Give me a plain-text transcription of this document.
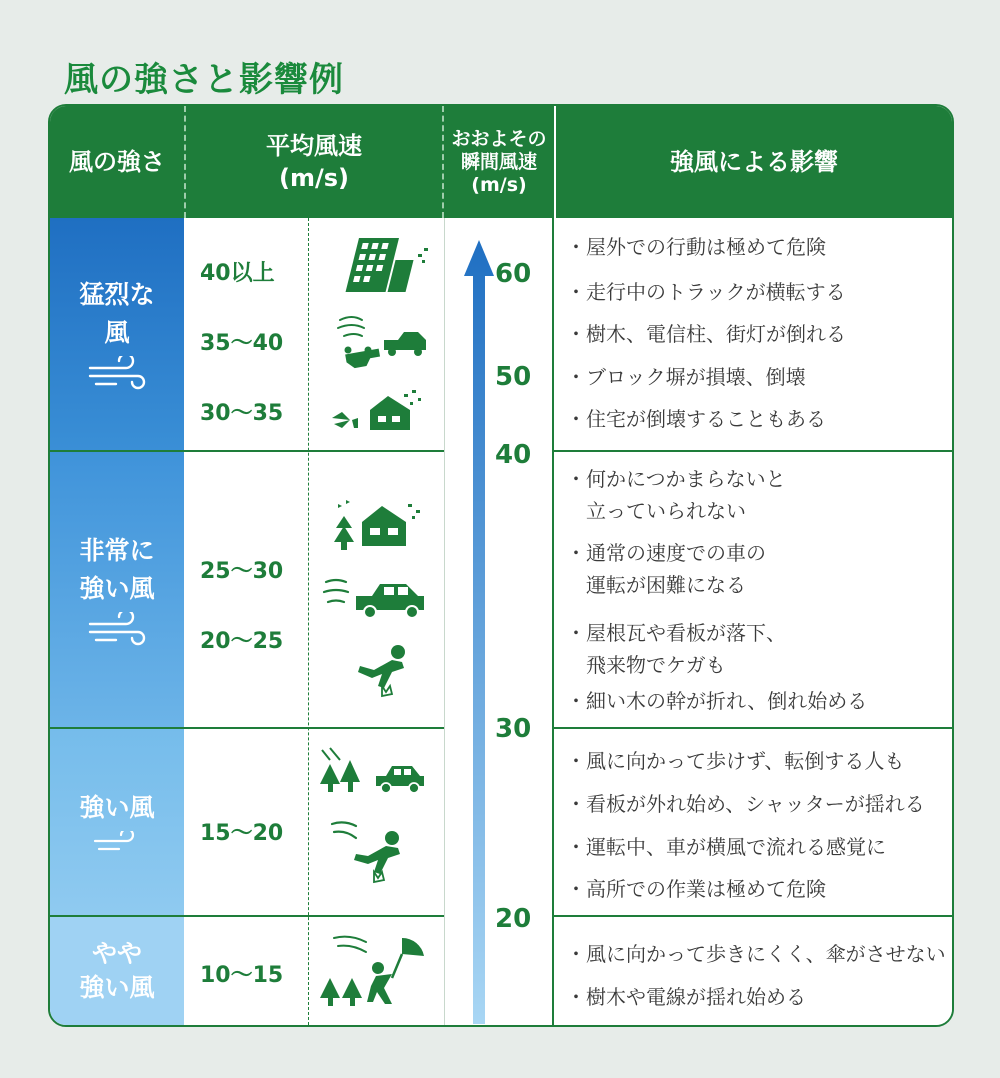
風の強さと影響例
風の強さ
平均風速
(m/s)
おおよその
瞬間風速
(m/s)
強風による影響
猛烈な
風
非常に
強い風
強い風
やや
強い風
40以上
35〜40
30〜35
25〜30
20〜25
15〜20
10〜15
60
50
40
30
20
・屋外での行動は極めて危険
・走行中のトラックが横転する
・樹木、電信柱、街灯が倒れる
・ブロック塀が損壊、倒壊
・住宅が倒壊することもある
・何かにつかまらないと
　立っていられない
・通常の速度での車の
　運転が困難になる
・屋根瓦や看板が落下、
　飛来物でケガも
・細い木の幹が折れ、倒れ始める
・風に向かって歩けず、転倒する人も
・看板が外れ始め、シャッターが揺れる
・運転中、車が横風で流れる感覚に
・高所での作業は極めて危険
・風に向かって歩きにくく、傘がさせない
・樹木や電線が揺れ始める
